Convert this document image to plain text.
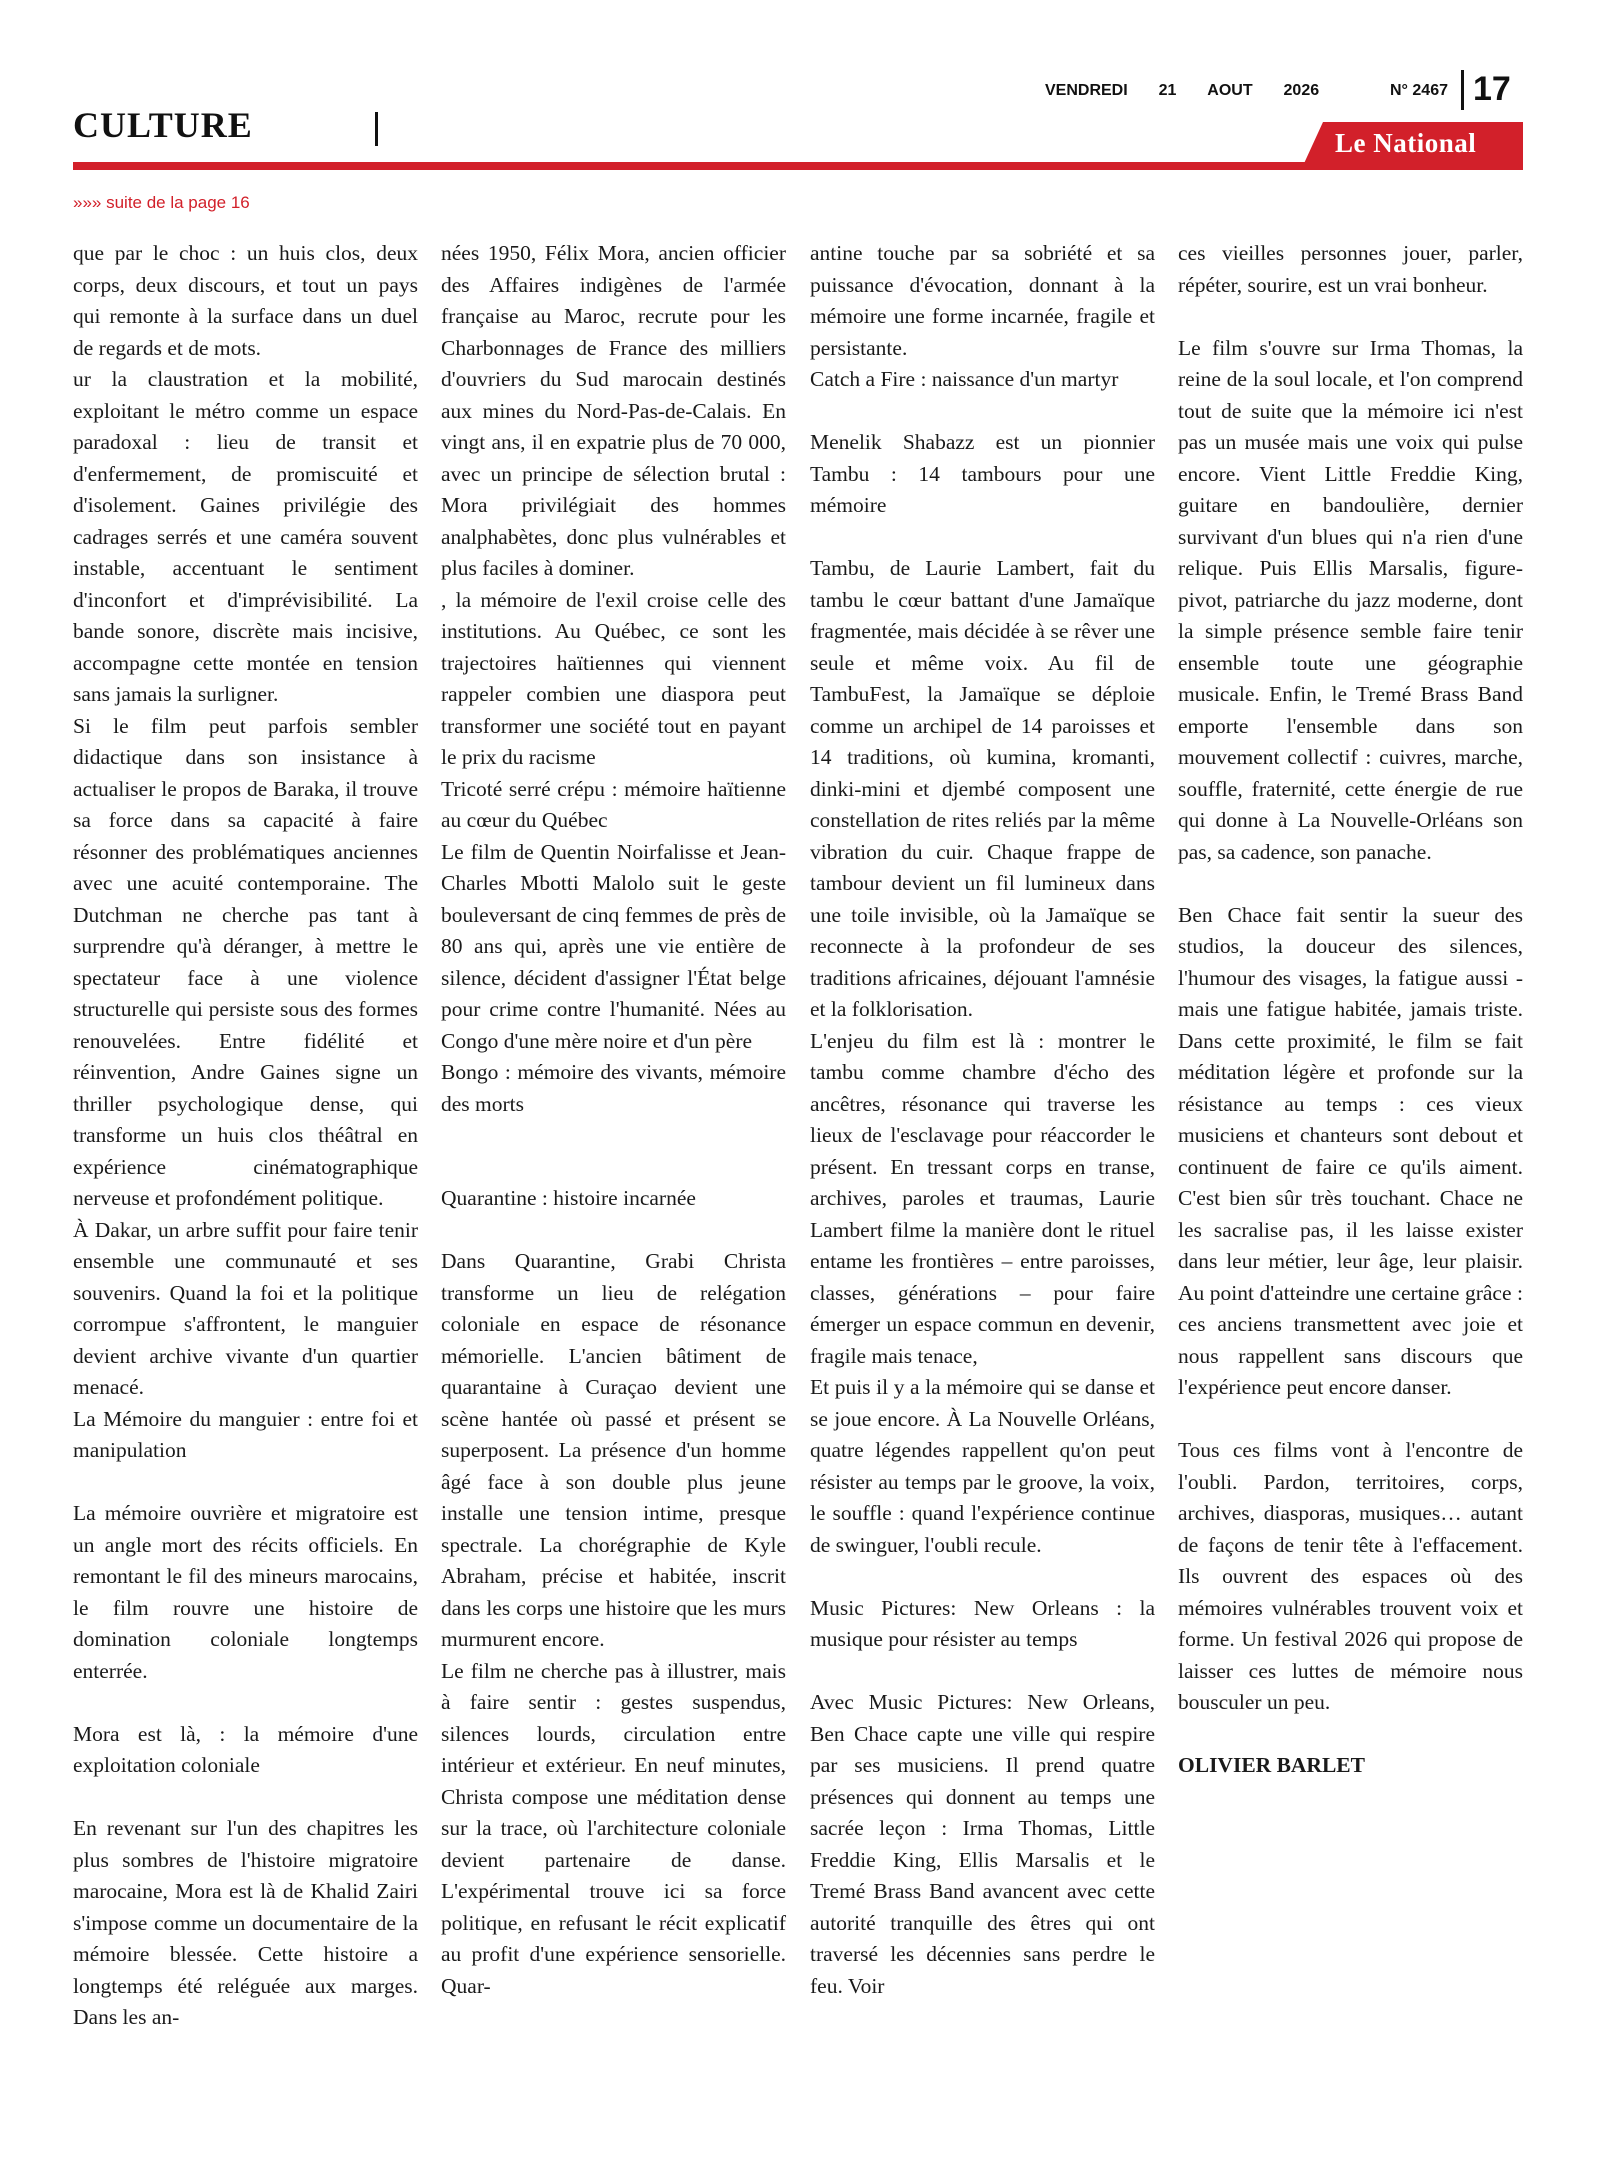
CULTURE
VENDREDI 21 AOUT 2026	N° 2467 17
Le National
»»» suite de la page 16

que par le choc : un huis clos, deux corps, deux discours, et tout un pays qui remonte à la surface dans un duel de regards et de mots.

ur la claustration et la mobilité, exploitant le métro comme un espace paradoxal : lieu de transit et d'enfermement, de promiscuité et d'isolement. Gaines privilégie des cadrages serrés et une caméra souvent instable, accentuant le sentiment d'inconfort et d'imprévisibilité. La bande sonore, discrète mais incisive, accompagne cette montée en tension sans jamais la surligner.

Si le film peut parfois sembler didactique dans son insistance à actualiser le propos de Baraka, il trouve sa force dans sa capacité à faire résonner des problématiques anciennes avec une acuité contemporaine. The Dutchman ne cherche pas tant à surprendre qu'à déranger, à mettre le spectateur face à une violence structurelle qui persiste sous des formes renouvelées. Entre fidélité et réinvention, Andre Gaines signe un thriller psychologique dense, qui transforme un huis clos théâtral en expérience cinématographique nerveuse et profondément politique.

À Dakar, un arbre suffit pour faire tenir ensemble une communauté et ses souvenirs. Quand la foi et la politique corrompue s'affrontent, le manguier devient archive vivante d'un quartier menacé.

La Mémoire du manguier : entre foi et manipulation

La mémoire ouvrière et migratoire est un angle mort des récits officiels. En remontant le fil des mineurs marocains, le film rouvre une histoire de domination coloniale longtemps enterrée.

Mora est là, : la mémoire d'une exploitation coloniale

En revenant sur l'un des chapitres les plus sombres de l'histoire migratoire marocaine, Mora est là de Khalid Zairi s'impose comme un documentaire de la mémoire blessée. Cette histoire a longtemps été reléguée aux marges. Dans les an-

nées 1950, Félix Mora, ancien officier des Affaires indigènes de l'armée française au Maroc, recrute pour les Charbonnages de France des milliers d'ouvriers du Sud marocain destinés aux mines du Nord-Pas-de-Calais. En vingt ans, il en expatrie plus de 70 000, avec un principe de sélection brutal : Mora privilégiait des hommes analphabètes, donc plus vulnérables et plus faciles à dominer.

, la mémoire de l'exil croise celle des institutions. Au Québec, ce sont les trajectoires haïtiennes qui viennent rappeler combien une diaspora peut transformer une société tout en payant le prix du racisme

Tricoté serré crépu : mémoire haïtienne au cœur du Québec

Le film de Quentin Noirfalisse et Jean-Charles Mbotti Malolo suit le geste bouleversant de cinq femmes de près de 80 ans qui, après une vie entière de silence, décident d'assigner l'État belge pour crime contre l'humanité. Nées au Congo d'une mère noire et d'un père

Bongo : mémoire des vivants, mémoire des morts

Quarantine : histoire incarnée

Dans Quarantine, Grabi Christa transforme un lieu de relégation coloniale en espace de résonance mémorielle. L'ancien bâtiment de quarantaine à Curaçao devient une scène hantée où passé et présent se superposent. La présence d'un homme âgé face à son double plus jeune installe une tension intime, presque spectrale. La chorégraphie de Kyle Abraham, précise et habitée, inscrit dans les corps une histoire que les murs murmurent encore.

Le film ne cherche pas à illustrer, mais à faire sentir : gestes suspendus, silences lourds, circulation entre intérieur et extérieur. En neuf minutes, Christa compose une méditation dense sur la trace, où l'architecture coloniale devient partenaire de danse. L'expérimental trouve ici sa force politique, en refusant le récit explicatif au profit d'une expérience sensorielle. Quar-

antine touche par sa sobriété et sa puissance d'évocation, donnant à la mémoire une forme incarnée, fragile et persistante.

Catch a Fire : naissance d'un martyr

Menelik Shabazz est un pionnier Tambu : 14 tambours pour une mémoire

Tambu, de Laurie Lambert, fait du tambu le cœur battant d'une Jamaïque fragmentée, mais décidée à se rêver une seule et même voix. Au fil de TambuFest, la Jamaïque se déploie comme un archipel de 14 paroisses et 14 traditions, où kumina, kromanti, dinki-mini et djembé composent une constellation de rites reliés par la même vibration du cuir. Chaque frappe de tambour devient un fil lumineux dans une toile invisible, où la Jamaïque se reconnecte à la profondeur de ses traditions africaines, déjouant l'amnésie et la folklorisation.

L'enjeu du film est là : montrer le tambu comme chambre d'écho des ancêtres, résonance qui traverse les lieux de l'esclavage pour réaccorder le présent. En tressant corps en transe, archives, paroles et traumas, Laurie Lambert filme la manière dont le rituel entame les frontières – entre paroisses, classes, générations – pour faire émerger un espace commun en devenir, fragile mais tenace,

Et puis il y a la mémoire qui se danse et se joue encore. À La Nouvelle Orléans, quatre légendes rappellent qu'on peut résister au temps par le groove, la voix, le souffle : quand l'expérience continue de swinguer, l'oubli recule.

Music Pictures: New Orleans : la musique pour résister au temps

Avec Music Pictures: New Orleans, Ben Chace capte une ville qui respire par ses musiciens. Il prend quatre présences qui donnent au temps une sacrée leçon : Irma Thomas, Little Freddie King, Ellis Marsalis et le Tremé Brass Band avancent avec cette autorité tranquille des êtres qui ont traversé les décennies sans perdre le feu. Voir

ces vieilles personnes jouer, parler, répéter, sourire, est un vrai bonheur.

Le film s'ouvre sur Irma Thomas, la reine de la soul locale, et l'on comprend tout de suite que la mémoire ici n'est pas un musée mais une voix qui pulse encore. Vient Little Freddie King, guitare en bandoulière, dernier survivant d'un blues qui n'a rien d'une relique. Puis Ellis Marsalis, figure-pivot, patriarche du jazz moderne, dont la simple présence semble faire tenir ensemble toute une géographie musicale. Enfin, le Tremé Brass Band emporte l'ensemble dans son mouvement collectif : cuivres, marche, souffle, fraternité, cette énergie de rue qui donne à La Nouvelle-Orléans son pas, sa cadence, son panache.

Ben Chace fait sentir la sueur des studios, la douceur des silences, l'humour des visages, la fatigue aussi - mais une fatigue habitée, jamais triste. Dans cette proximité, le film se fait méditation légère et profonde sur la résistance au temps : ces vieux musiciens et chanteurs sont debout et continuent de faire ce qu'ils aiment. C'est bien sûr très touchant. Chace ne les sacralise pas, il les laisse exister dans leur métier, leur âge, leur plaisir. Au point d'atteindre une certaine grâce : ces anciens transmettent avec joie et nous rappellent sans discours que l'expérience peut encore danser.

Tous ces films vont à l'encontre de l'oubli. Pardon, territoires, corps, archives, diasporas, musiques… autant de façons de tenir tête à l'effacement. Ils ouvrent des espaces où des mémoires vulnérables trouvent voix et forme. Un festival 2026 qui propose de laisser ces luttes de mémoire nous bousculer un peu.

OLIVIER BARLET
